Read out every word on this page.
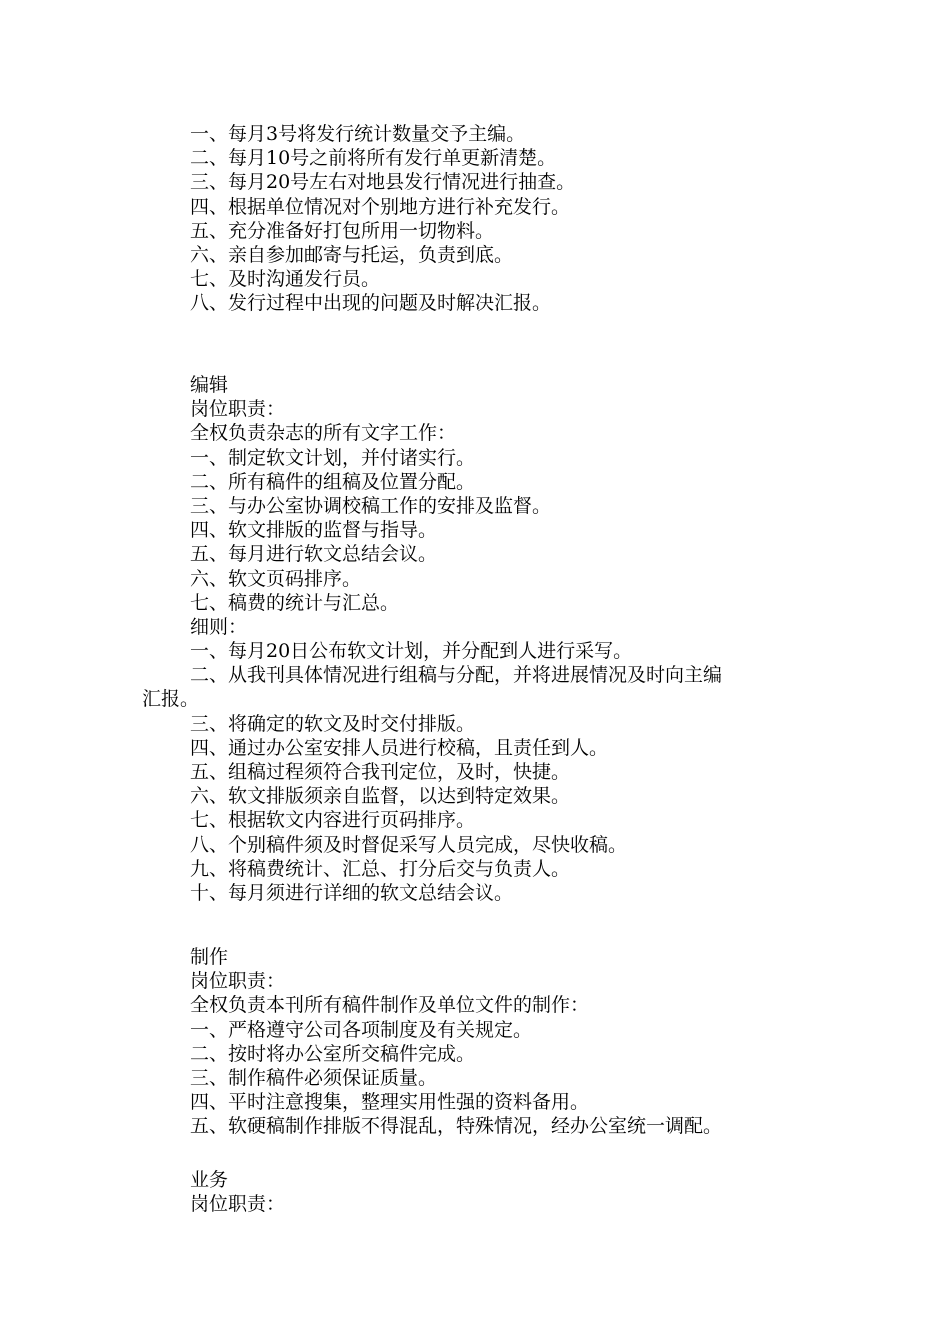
一、每月3号将发行统计数量交予主编。
二、每月10号之前将所有发行单更新清楚。
三、每月20号左右对地县发行情况进行抽查。
四、根据单位情况对个别地方进行补充发行。
五、充分准备好打包所用一切物料。
六、亲自参加邮寄与托运，负责到底。
七、及时沟通发行员。
八、发行过程中出现的问题及时解决汇报。
编辑
岗位职责：
全权负责杂志的所有文字工作：
一、制定软文计划，并付诸实行。
二、所有稿件的组稿及位置分配。
三、与办公室协调校稿工作的安排及监督。
四、软文排版的监督与指导。
五、每月进行软文总结会议。
六、软文页码排序。
七、稿费的统计与汇总。
细则：
一、每月20日公布软文计划，并分配到人进行采写。
二、从我刊具体情况进行组稿与分配，并将进展情况及时向主编
汇报。
三、将确定的软文及时交付排版。
四、通过办公室安排人员进行校稿，且责任到人。
五、组稿过程须符合我刊定位，及时，快捷。
六、软文排版须亲自监督，以达到特定效果。
七、根据软文内容进行页码排序。
八、个别稿件须及时督促采写人员完成，尽快收稿。
九、将稿费统计、汇总、打分后交与负责人。
十、每月须进行详细的软文总结会议。
制作
岗位职责：
全权负责本刊所有稿件制作及单位文件的制作：
一、严格遵守公司各项制度及有关规定。
二、按时将办公室所交稿件完成。
三、制作稿件必须保证质量。
四、平时注意搜集，整理实用性强的资料备用。
五、软硬稿制作排版不得混乱，特殊情况，经办公室统一调配。
业务
岗位职责：
